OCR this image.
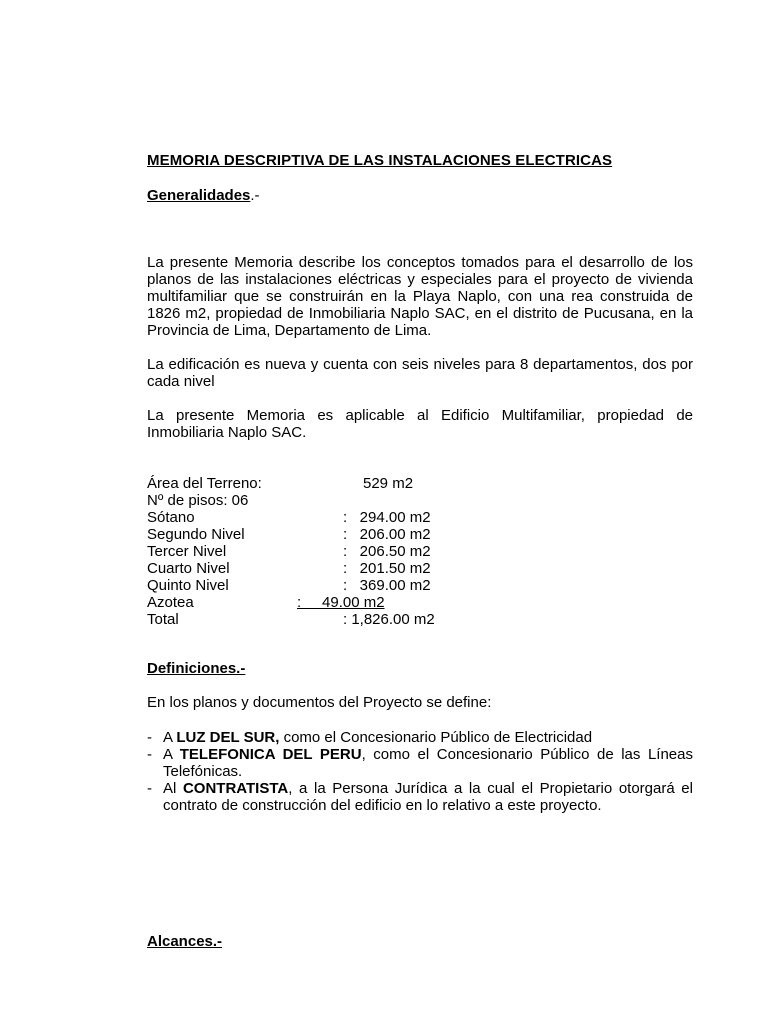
MEMORIA DESCRIPTIVA DE LAS INSTALACIONES ELECTRICAS
Generalidades.-
La presente Memoria describe los conceptos tomados para el desarrollo de los planos de las instalaciones eléctricas y especiales para el proyecto de vivienda multifamiliar que se construirán en la Playa Naplo, con una rea construida de 1826 m2, propiedad de Inmobiliaria Naplo SAC, en el distrito de Pucusana, en la Provincia de Lima, Departamento de Lima.
La edificación es nueva y cuenta con seis niveles para 8 departamentos, dos por cada nivel
La presente Memoria es aplicable al Edificio Multifamiliar, propiedad de Inmobiliaria Naplo SAC.
Área del Terreno:	529 m2
Nº de pisos: 06
Sótano	:   294.00 m2
Segundo Nivel	:   206.00 m2
Tercer Nivel	:   206.50 m2
Cuarto Nivel	:   201.50 m2
Quinto Nivel	:   369.00 m2
Azotea	:     49.00 m2
Total	: 1,826.00 m2
Definiciones.-
En los planos y documentos del Proyecto se define:
- A LUZ DEL SUR, como el Concesionario Público de Electricidad
- A TELEFONICA DEL PERU, como el Concesionario Público de las Líneas Telefónicas.
- Al CONTRATISTA, a la Persona Jurídica a la cual el Propietario otorgará el contrato de construcción del edificio en lo relativo a este proyecto.
Alcances.-
